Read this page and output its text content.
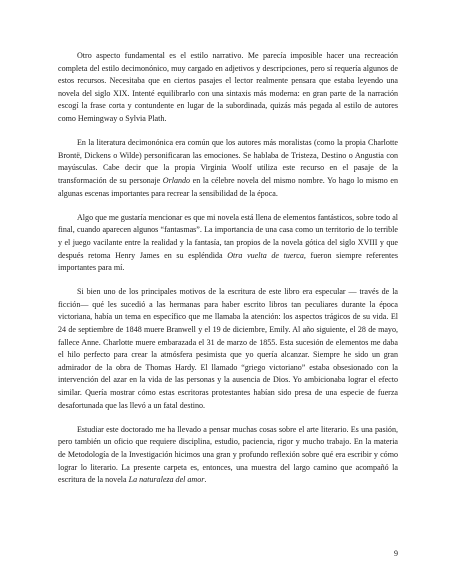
Otro aspecto fundamental es el estilo narrativo. Me parecía imposible hacer una recreación completa del estilo decimonónico, muy cargado en adjetivos y descripciones, pero sí requería algunos de estos recursos. Necesitaba que en ciertos pasajes el lector realmente pensara que estaba leyendo una novela del siglo XIX. Intenté equilibrarlo con una sintaxis más moderna: en gran parte de la narración escogí la frase corta y contundente en lugar de la subordinada, quizás más pegada al estilo de autores como Hemingway o Sylvia Plath.

En la literatura decimonónica era común que los autores más moralistas (como la propia Charlotte Brontë, Dickens o Wilde) personificaran las emociones. Se hablaba de Tristeza, Destino o Angustia con mayúsculas. Cabe decir que la propia Virginia Woolf utiliza este recurso en el pasaje de la transformación de su personaje Orlando en la célebre novela del mismo nombre. Yo hago lo mismo en algunas escenas importantes para recrear la sensibilidad de la época.

Algo que me gustaría mencionar es que mi novela está llena de elementos fantásticos, sobre todo al final, cuando aparecen algunos “fantasmas”. La importancia de una casa como un territorio de lo terrible y el juego vacilante entre la realidad y la fantasía, tan propios de la novela gótica del siglo XVIII y que después retoma Henry James en su espléndida Otra vuelta de tuerca, fueron siempre referentes importantes para mí.

Si bien uno de los principales motivos de la escritura de este libro era especular — través de la ficción— qué les sucedió a las hermanas para haber escrito libros tan peculiares durante la época victoriana, había un tema en específico que me llamaba la atención: los aspectos trágicos de su vida. El 24 de septiembre de 1848 muere Branwell y el 19 de diciembre, Emily. Al año siguiente, el 28 de mayo, fallece Anne. Charlotte muere embarazada el 31 de marzo de 1855. Esta sucesión de elementos me daba el hilo perfecto para crear la atmósfera pesimista que yo quería alcanzar. Siempre he sido un gran admirador de la obra de Thomas Hardy. El llamado “griego victoriano” estaba obsesionado con la intervención del azar en la vida de las personas y la ausencia de Dios. Yo ambicionaba lograr el efecto similar. Quería mostrar cómo estas escritoras protestantes habían sido presa de una especie de fuerza desafortunada que las llevó a un fatal destino.

Estudiar este doctorado me ha llevado a pensar muchas cosas sobre el arte literario. Es una pasión, pero también un oficio que requiere disciplina, estudio, paciencia, rigor y mucho trabajo. En la materia de Metodología de la Investigación hicimos una gran y profundo reflexión sobre qué era escribir y cómo lograr lo literario. La presente carpeta es, entonces, una muestra del largo camino que acompañó la escritura de la novela La naturaleza del amor.

9
